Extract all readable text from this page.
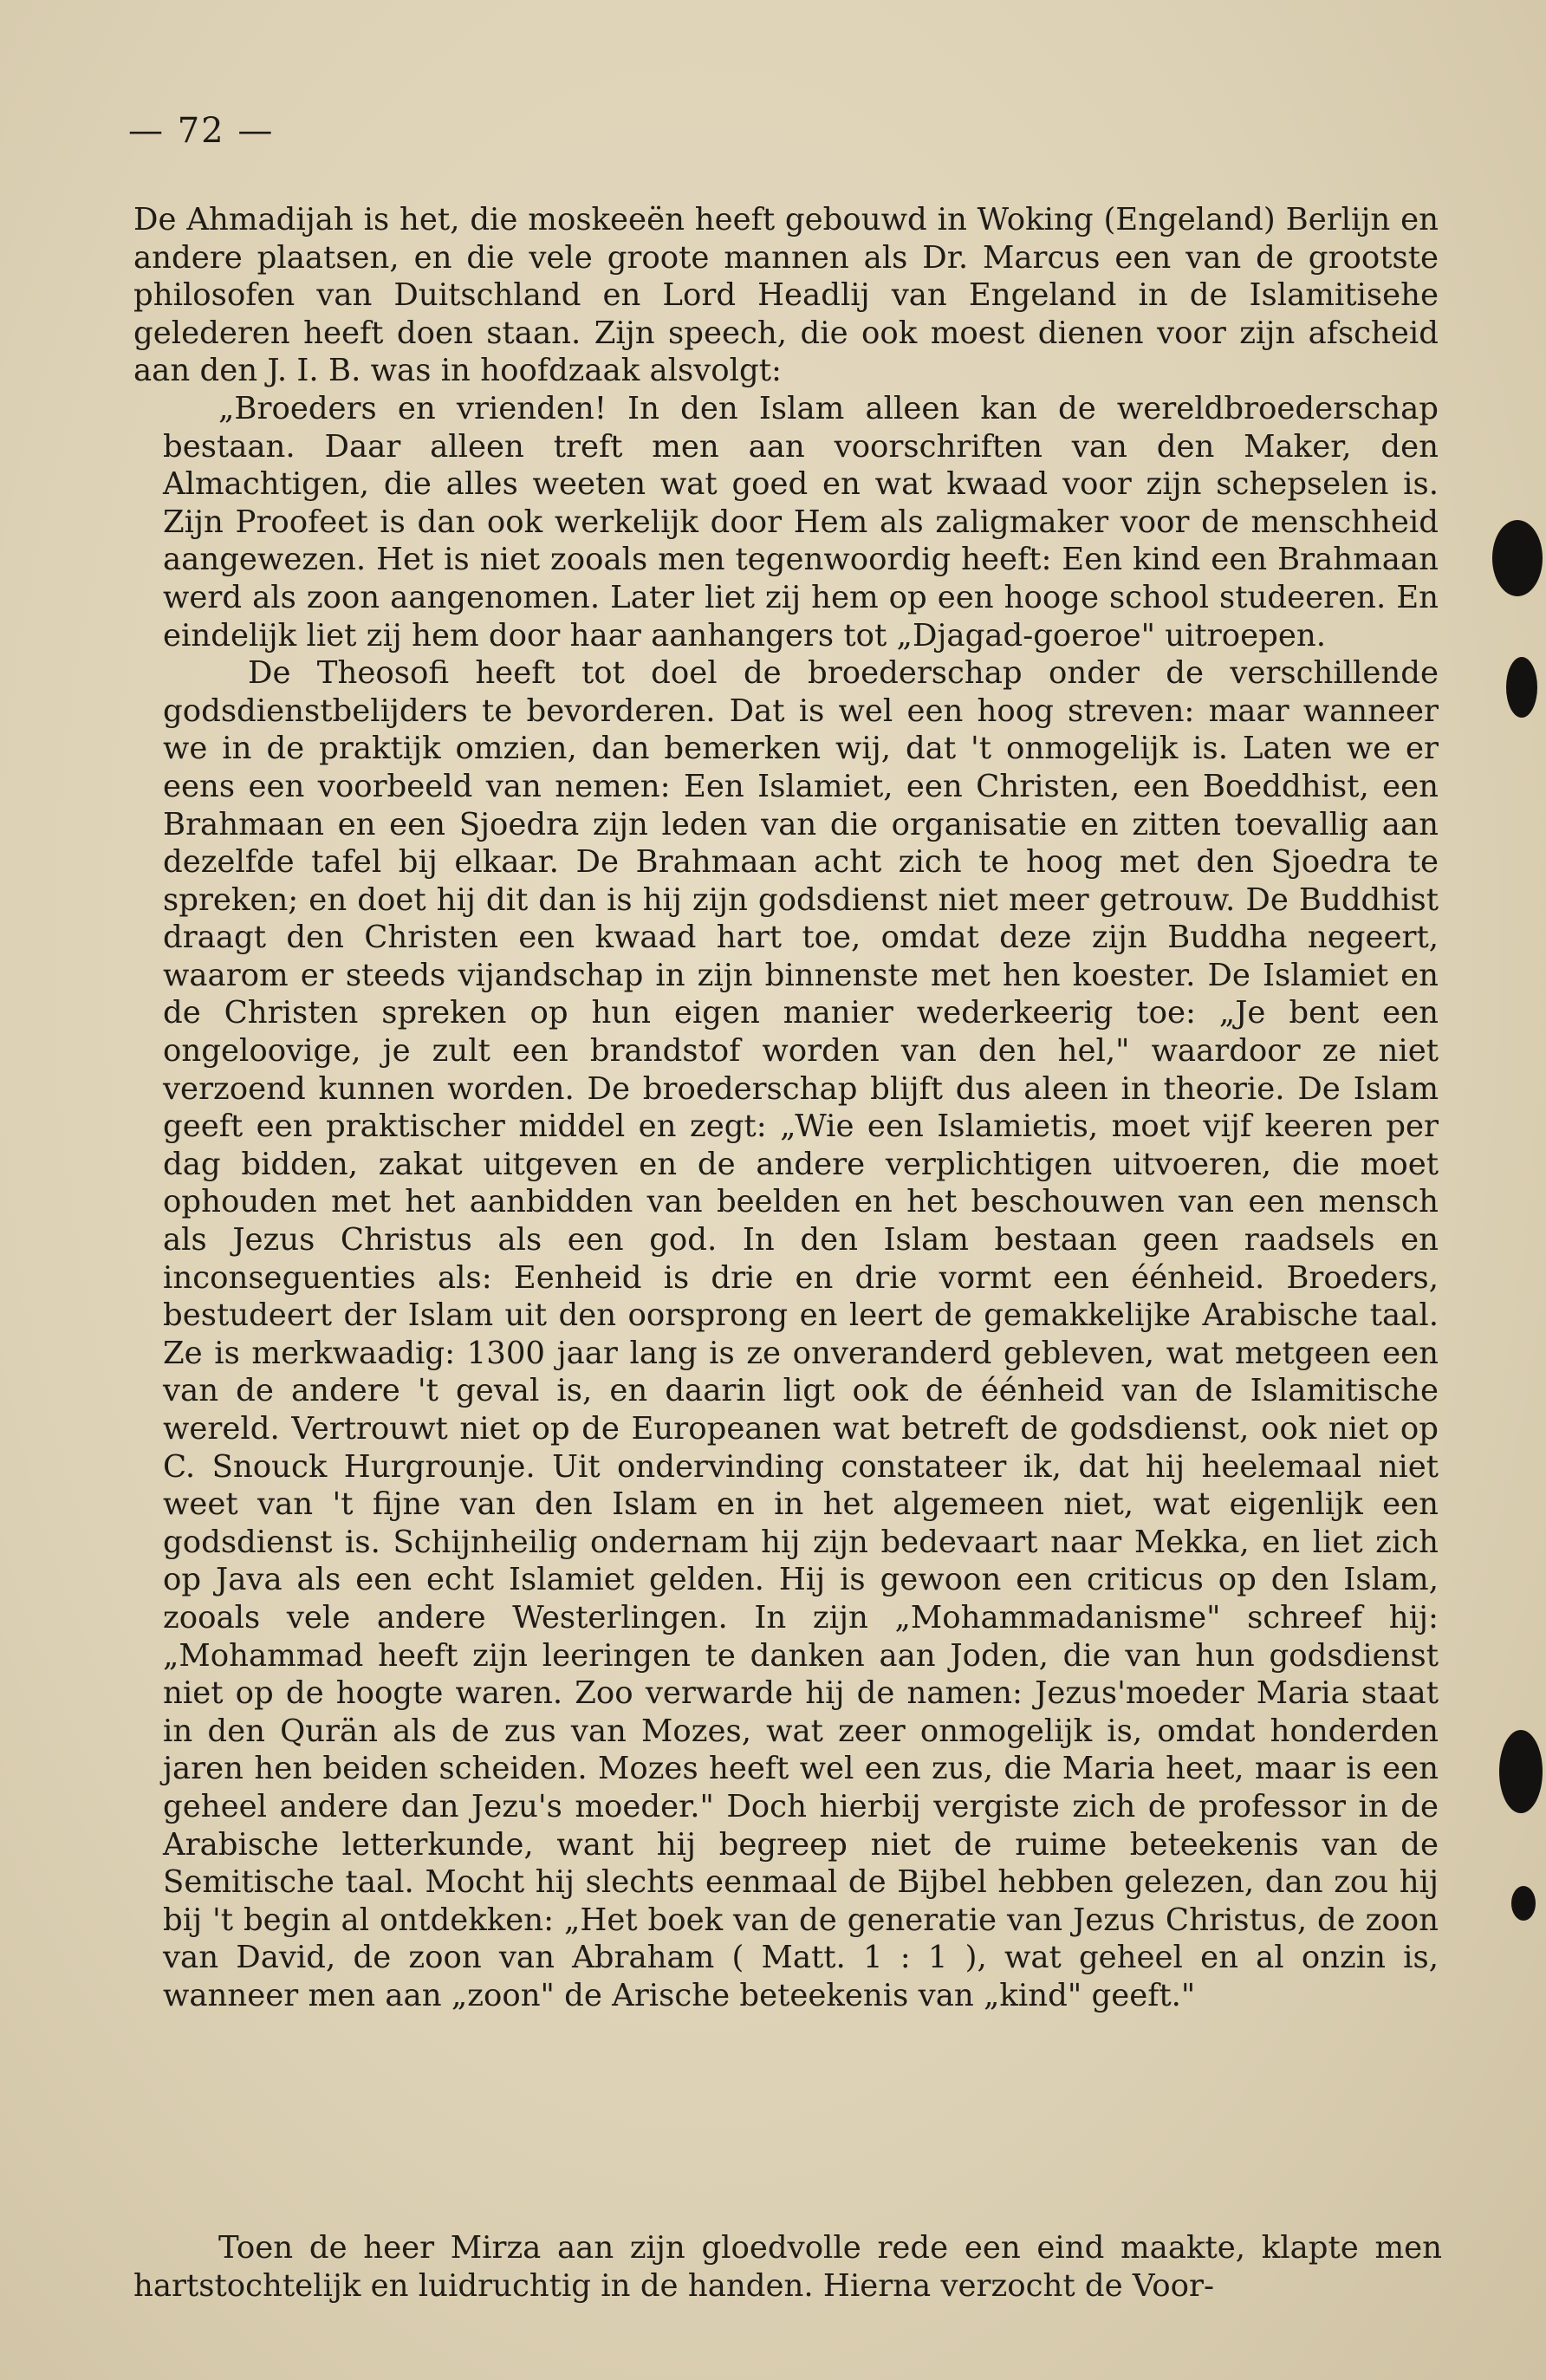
— 72 —

De Ahmadijah is het, die moskeeën heeft gebouwd in Woking (Engeland) Berlijn en andere plaatsen, en die vele groote mannen als Dr. Marcus een van de grootste philosofen van Duitschland en Lord Headlij van Engeland in de Islamitisehe gelederen heeft doen staan. Zijn speech, die ook moest dienen voor zijn afscheid aan den J. I. B. was in hoofdzaak alsvolgt:

„Broeders en vrienden! In den Islam alleen kan de wereldbroederschap bestaan. Daar alleen treft men aan voorschriften van den Maker, den Almachtigen, die alles weeten wat goed en wat kwaad voor zijn schepselen is. Zijn Proofeet is dan ook werkelijk door Hem als zaligmaker voor de menschheid aangewezen. Het is niet zooals men tegenwoordig heeft: Een kind een Brahmaan werd als zoon aangenomen. Later liet zij hem op een hooge school studeeren. En eindelijk liet zij hem door haar aanhangers tot „Djagad-goeroe" uitroepen.

De Theosofi heeft tot doel de broederschap onder de verschillende godsdienstbelijders te bevorderen. Dat is wel een hoog streven: maar wanneer we in de praktijk omzien, dan bemerken wij, dat 't onmogelijk is. Laten we er eens een voorbeeld van nemen: Een Islamiet, een Christen, een Boeddhist, een Brahmaan en een Sjoedra zijn leden van die organisatie en zitten toevallig aan dezelfde tafel bij elkaar. De Brahmaan acht zich te hoog met den Sjoedra te spreken; en doet hij dit dan is hij zijn godsdienst niet meer getrouw. De Buddhist draagt den Christen een kwaad hart toe, omdat deze zijn Buddha negeert, waarom er steeds vijandschap in zijn binnenste met hen koester. De Islamiet en de Christen spreken op hun eigen manier wederkeerig toe: „Je bent een ongeloovige, je zult een brandstof worden van den hel," waardoor ze niet verzoend kunnen worden. De broederschap blijft dus aleen in theorie. De Islam geeft een praktischer middel en zegt: „Wie een Islamietis, moet vijf keeren per dag bidden, zakat uitgeven en de andere verplichtigen uitvoeren, die moet ophouden met het aanbidden van beelden en het beschouwen van een mensch als Jezus Christus als een god. In den Islam bestaan geen raadsels en inconseguenties als: Eenheid is drie en drie vormt een éénheid. Broeders, bestudeert der Islam uit den oorsprong en leert de gemakkelijke Arabische taal. Ze is merkwaadig: 1300 jaar lang is ze onveranderd gebleven, wat metgeen een van de andere 't geval is, en daarin ligt ook de éénheid van de Islamitische wereld. Vertrouwt niet op de Europeanen wat betreft de godsdienst, ook niet op C. Snouck Hurgrounje. Uit ondervinding constateer ik, dat hij heelemaal niet weet van 't fijne van den Islam en in het algemeen niet, wat eigenlijk een godsdienst is. Schijnheilig ondernam hij zijn bedevaart naar Mekka, en liet zich op Java als een echt Islamiet gelden. Hij is gewoon een criticus op den Islam, zooals vele andere Westerlingen. In zijn „Mohammadanisme" schreef hij: „Mohammad heeft zijn leeringen te danken aan Joden, die van hun godsdienst niet op de hoogte waren. Zoo verwarde hij de namen: Jezus'moeder Maria staat in den Qurän als de zus van Mozes, wat zeer onmogelijk is, omdat honderden jaren hen beiden scheiden. Mozes heeft wel een zus, die Maria heet, maar is een geheel andere dan Jezu's moeder." Doch hierbij vergiste zich de professor in de Arabische letterkunde, want hij begreep niet de ruime beteekenis van de Semitische taal. Mocht hij slechts eenmaal de Bijbel hebben gelezen, dan zou hij bij 't begin al ontdekken: „Het boek van de generatie van Jezus Christus, de zoon van David, de zoon van Abraham ( Matt. 1 : 1 ), wat geheel en al onzin is, wanneer men aan „zoon" de Arische beteekenis van „kind" geeft."

Toen de heer Mirza aan zijn gloedvolle rede een eind maakte, klapte men hartstochtelijk en luidruchtig in de handen. Hierna verzocht de Voor-
